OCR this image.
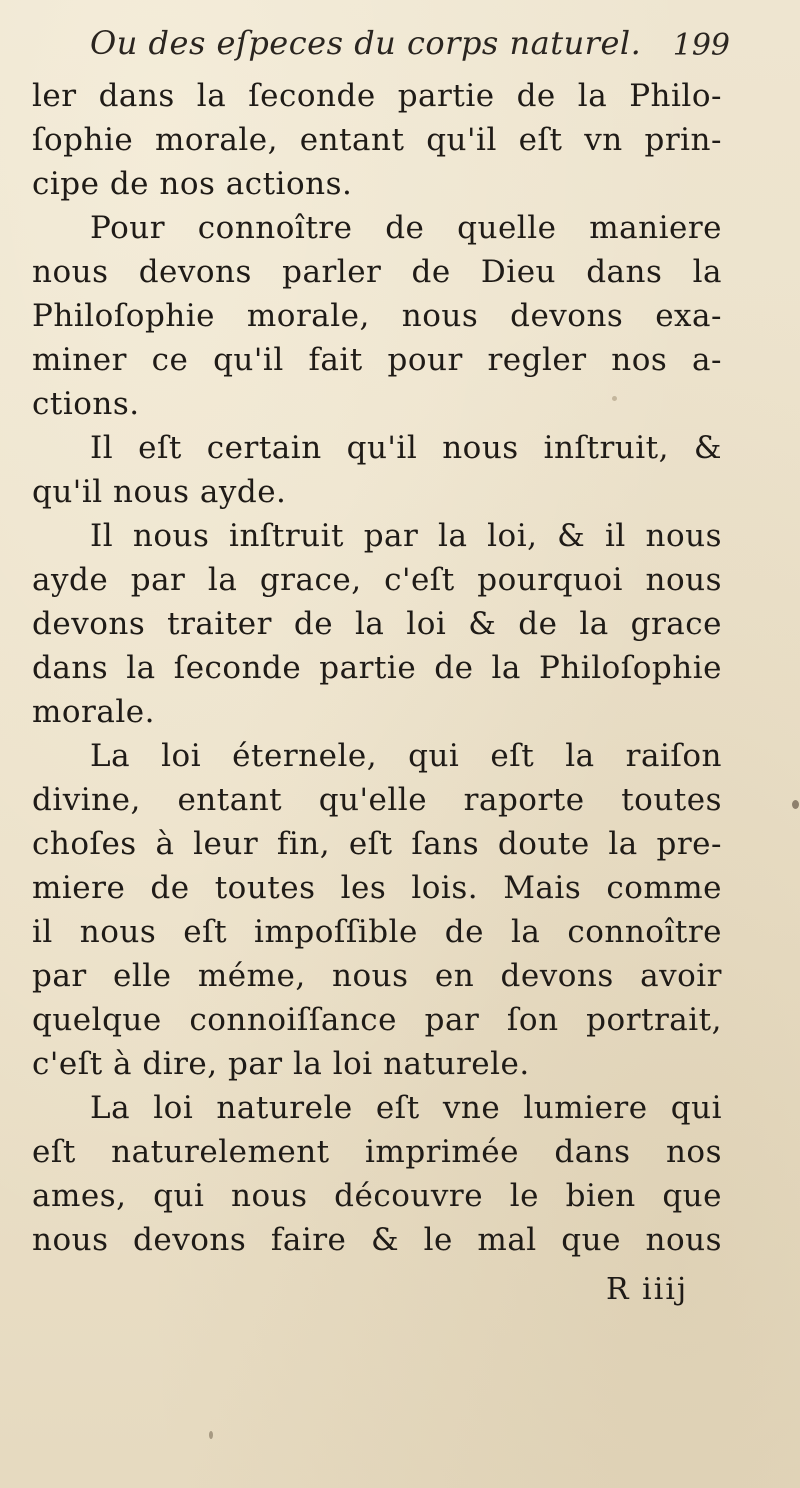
Ou des eſpeces du corps naturel. 199
ler dans la ſeconde partie de la Philo-
ſophie morale, entant qu'il eſt vn prin-
cipe de nos actions.
Pour connoître de quelle maniere
nous devons parler de Dieu dans la
Philoſophie morale, nous devons exa-
miner ce qu'il fait pour regler nos a-
ctions.
Il eſt certain qu'il nous inſtruit, &
qu'il nous ayde.
Il nous inſtruit par la loi, & il nous
ayde par la grace, c'eſt pourquoi nous
devons traiter de la loi & de la grace
dans la ſeconde partie de la Philoſophie
morale.
La loi éternele, qui eſt la raiſon
divine, entant qu'elle raporte toutes
choſes à leur fin, eſt ſans doute la pre-
miere de toutes les lois. Mais comme
il nous eſt impoſſible de la connoître
par elle méme, nous en devons avoir
quelque connoiſſance par ſon portrait,
c'eſt à dire, par la loi naturele.
La loi naturele eſt vne lumiere qui
eſt naturelement imprimée dans nos
ames, qui nous découvre le bien que
nous devons faire & le mal que nous
R iiij
